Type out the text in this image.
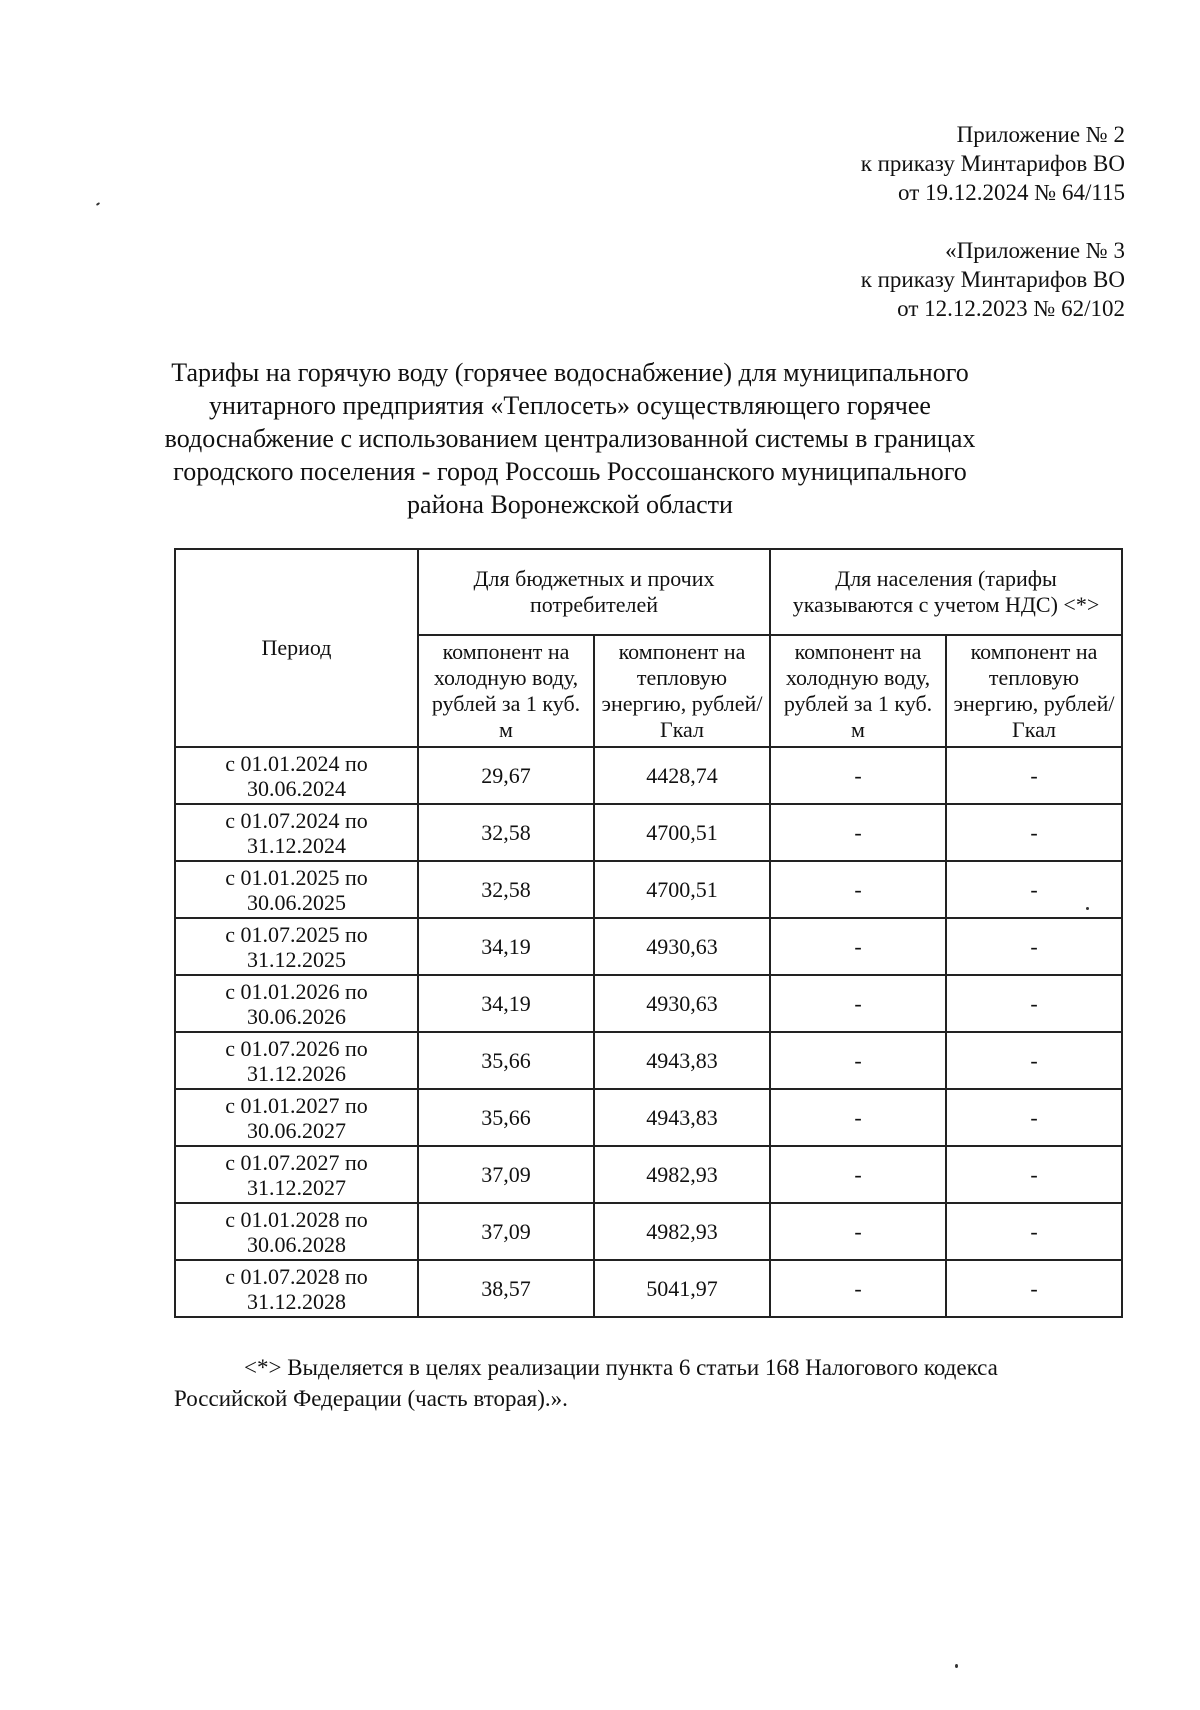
Приложение № 2
к приказу Минтарифов ВО
от 19.12.2024 № 64/115
«Приложение № 3
к приказу Минтарифов ВО
от 12.12.2023 № 62/102
Тарифы на горячую воду (горячее водоснабжение) для муниципального
унитарного предприятия «Теплосеть» осуществляющего горячее
водоснабжение с использованием централизованной системы в границах
городского поселения - город Россошь Россошанского муниципального
района Воронежской области
Период	Для бюджетных и прочих потребителей		Для населения (тарифы указываются с учетом НДС) <*>	
	компонент на холодную воду, рублей за 1 куб. м	компонент на тепловую энергию, рублей/Гкал	компонент на холодную воду, рублей за 1 куб. м	компонент на тепловую энергию, рублей/Гкал
с 01.01.2024 по 30.06.2024	29,67	4428,74	-	-
с 01.07.2024 по 31.12.2024	32,58	4700,51	-	-
с 01.01.2025 по 30.06.2025	32,58	4700,51	-	-
с 01.07.2025 по 31.12.2025	34,19	4930,63	-	-
с 01.01.2026 по 30.06.2026	34,19	4930,63	-	-
с 01.07.2026 по 31.12.2026	35,66	4943,83	-	-
с 01.01.2027 по 30.06.2027	35,66	4943,83	-	-
с 01.07.2027 по 31.12.2027	37,09	4982,93	-	-
с 01.01.2028 по 30.06.2028	37,09	4982,93	-	-
с 01.07.2028 по 31.12.2028	38,57	5041,97	-	-
<*> Выделяется в целях реализации пункта 6 статьи 168 Налогового кодекса
Российской Федерации (часть вторая).».
